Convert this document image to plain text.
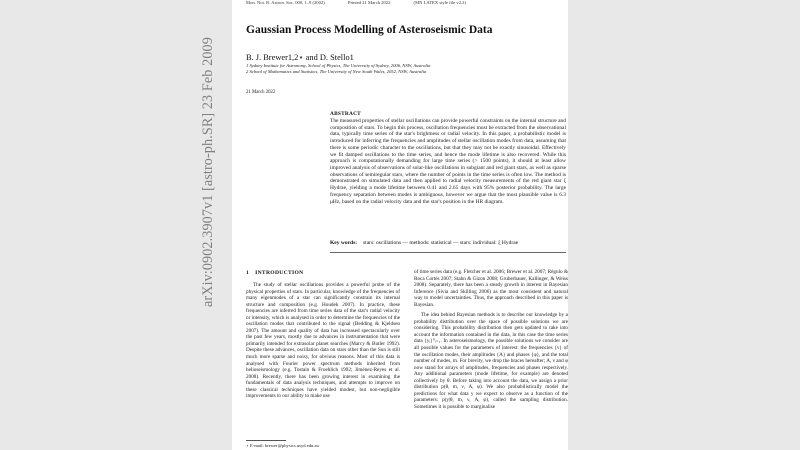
Mon. Not. R. Astron. Soc. 000, 1–9 (2002)	Printed 21 March 2022	(MN LATEX style file v2.2)
Gaussian Process Modelling of Asteroseismic Data
B. J. Brewer1,2⋆ and D. Stello1
1 Sydney Institute for Astronomy, School of Physics, The University of Sydney, 2006, NSW, Australia
2 School of Mathematics and Statistics, The University of New South Wales, 2052, NSW, Australia
21 March 2022
ABSTRACT
The measured properties of stellar oscillations can provide powerful constraints on the internal structure and composition of stars. To begin this process, oscillation frequencies must be extracted from the observational data, typically time series of the star's brightness or radial velocity. In this paper, a probabilistic model is introduced for inferring the frequencies and amplitudes of stellar oscillation modes from data, assuming that there is some periodic character to the oscillations, but that they may not be exactly sinusoidal. Effectively we fit damped oscillations to the time series, and hence the mode lifetime is also recovered. While this approach is computationally demanding for large time series (> 1500 points), it should at least allow improved analysis of observations of solar-like oscillations in subgiant and red giant stars, as well as sparse observations of semiregular stars, where the number of points in the time series is often low. The method is demonstrated on simulated data and then applied to radial velocity measurements of the red giant star ξ Hydrae, yielding a mode lifetime between 0.41 and 2.65 days with 95% posterior probability. The large frequency separation between modes is ambiguous, however we argue that the most plausible value is 6.3 μHz, based on the radial velocity data and the star's position in the HR diagram.
Key words: stars: oscillations — methods: statistical — stars: individual: ξ Hydrae
1 INTRODUCTION

The study of stellar oscillations provides a powerful probe of the physical properties of stars. In particular, knowledge of the frequencies of many eigenmodes of a star can significantly constrain its internal structure and composition (e.g. Houdek 2007). In practice, these frequencies are inferred from time series data of the star's radial velocity or intensity, which is analysed in order to determine the frequencies of the oscillation modes that contributed to the signal (Bedding & Kjeldsen 2007). The amount and quality of data has increased spectacularly over the past few years, mostly due to advances in instrumentation that were primarily intended for extrasolar planet searches (Marcy & Butler 1992). Despite these advances, oscillation data on stars other than the Sun is still much more sparse and noisy, for obvious reasons. Most of this data is analysed with Fourier power spectrum methods inherited from helioseismology (e.g. Tostain & Froehlich 1992; Jiménez-Reyes et al. 2008). Recently, there has been growing interest in examining the fundamentals of data analysis techniques, and attempts to improve on these classical techniques have yielded modest, but non-negligible improvements to our ability to make use

of time series data (e.g. Fletcher et al. 2006; Brewer et al. 2007; Régulo & Roca Cortés 2007; Stahn & Gizon 2008; Gruberbauer, Kallinger, & Weiss 2008). Separately, there has been a steady growth in interest in Bayesian Inference (Sivia and Skilling 2006) as the most consistent and natural way to model uncertainties. Thus, the approach described in this paper is Bayesian.

The idea behind Bayesian methods is to describe our knowledge by a probability distribution over the space of possible solutions we are considering. This probability distribution then gets updated to take into account the information contained in the data, in this case the time series data {yᵢ}ᴺᵢ₌₁. In asteroseismology, the possible solutions we consider are all possible values for the parameters of interest: the frequencies {ν} of the oscillation modes, their amplitudes {A} and phases {φ}, and the total number of modes, m. For brevity, we drop the braces hereafter; A, ν and φ now stand for arrays of amplitudes, frequencies and phases respectively. Any additional parameters (mode lifetime, for example) are denoted collectively by θ. Before taking into account the data, we assign a prior distribution p(θ, m, ν, A, φ). We also probabilistically model the predictions for what data y we expect to observe as a function of the parameters: p(y|θ, m, ν, A, φ), called the sampling distribution. Sometimes it is possible to marginalise

⋆ E-mail: brewer@physics.usyd.edu.au
arXiv:0902.3907v1 [astro-ph.SR] 23 Feb 2009
